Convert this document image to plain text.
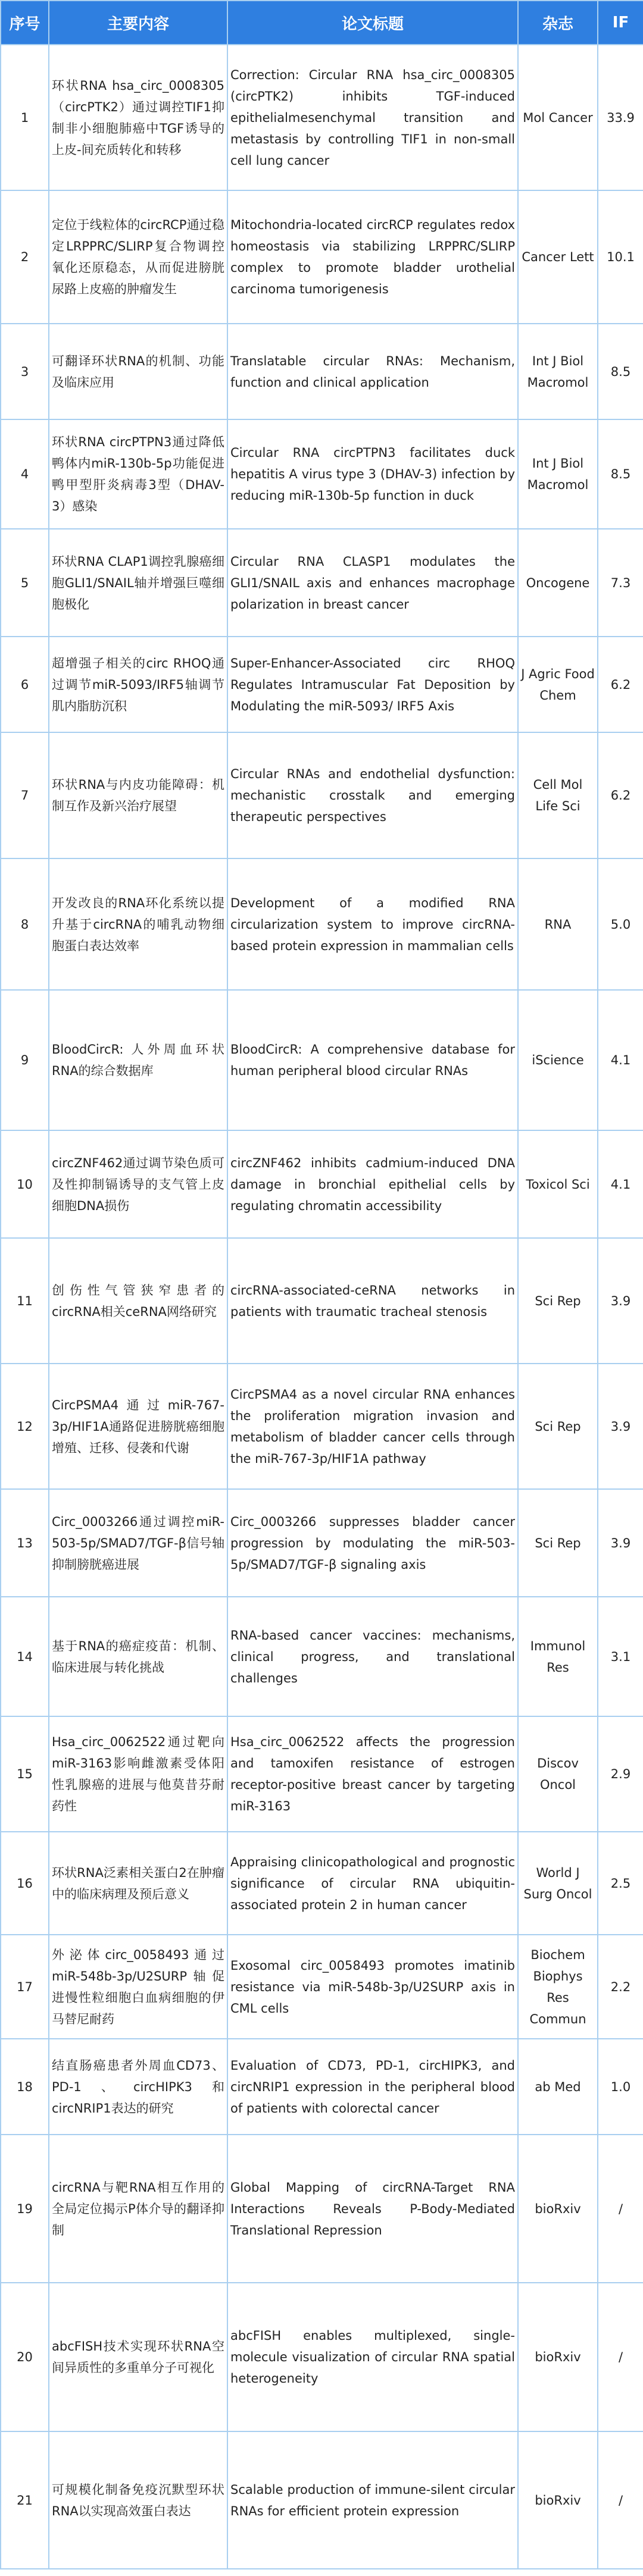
序号	主要内容	论文标题	杂志	IF
1	环状RNA hsa_circ_0008305（circPTK2）通过调控TIF1抑制非小细胞肺癌中TGF诱导的上皮-间充质转化和转移	Correction: Circular RNA hsa_circ_0008305 (circPTK2) inhibits TGF-induced epithelialmesenchymal transition and metastasis by controlling TIF1 in non-small cell lung cancer	Mol Cancer	33.9
2	定位于线粒体的circRCP通过稳定LRPPRC/SLIRP复合物调控氧化还原稳态，从而促进膀胱尿路上皮癌的肿瘤发生	Mitochondria-located circRCP regulates redox homeostasis via stabilizing LRPPRC/SLIRP complex to promote bladder urothelial carcinoma tumorigenesis	Cancer Lett	10.1
3	可翻译环状RNA的机制、功能及临床应用	Translatable circular RNAs: Mechanism, function and clinical application	Int J Biol Macromol	8.5
4	环状RNA circPTPN3通过降低鸭体内miR-130b-5p功能促进鸭甲型肝炎病毒3型（DHAV-3）感染	Circular RNA circPTPN3 facilitates duck hepatitis A virus type 3 (DHAV-3) infection by reducing miR-130b-5p function in duck	Int J Biol Macromol	8.5
5	环状RNA CLAP1调控乳腺癌细胞GLI1/SNAIL轴并增强巨噬细胞极化	Circular RNA CLASP1 modulates the GLI1/SNAIL axis and enhances macrophage polarization in breast cancer	Oncogene	7.3
6	超增强子相关的circ RHOQ通过调节miR-5093/IRF5轴调节肌内脂肪沉积	Super-Enhancer-Associated circ RHOQ Regulates Intramuscular Fat Deposition by Modulating the miR-5093/ IRF5 Axis	J Agric Food Chem	6.2
7	环状RNA与内皮功能障碍：机制互作及新兴治疗展望	Circular RNAs and endothelial dysfunction: mechanistic crosstalk and emerging therapeutic perspectives	Cell Mol Life Sci	6.2
8	开发改良的RNA环化系统以提升基于circRNA的哺乳动物细胞蛋白表达效率	Development of a modified RNA circularization system to improve circRNA-based protein expression in mammalian cells	RNA	5.0
9	BloodCircR: 人外周血环状RNA的综合数据库	BloodCircR: A comprehensive database for human peripheral blood circular RNAs	iScience	4.1
10	circZNF462通过调节染色质可及性抑制镉诱导的支气管上皮细胞DNA损伤	circZNF462 inhibits cadmium-induced DNA damage in bronchial epithelial cells by regulating chromatin accessibility	Toxicol Sci	4.1
11	创伤性气管狭窄患者的circRNA相关ceRNA网络研究	circRNA-associated-ceRNA networks in patients with traumatic tracheal stenosis	Sci Rep	3.9
12	CircPSMA4通过miR-767-3p/HIF1A通路促进膀胱癌细胞增殖、迁移、侵袭和代谢	CircPSMA4 as a novel circular RNA enhances the proliferation migration invasion and metabolism of bladder cancer cells through the miR-767-3p/HIF1A pathway	Sci Rep	3.9
13	Circ_0003266通过调控miR-503-5p/SMAD7/TGF-β信号轴抑制膀胱癌进展	Circ_0003266 suppresses bladder cancer progression by modulating the miR-503-5p/SMAD7/TGF-β signaling axis	Sci Rep	3.9
14	基于RNA的癌症疫苗：机制、临床进展与转化挑战	RNA-based cancer vaccines: mechanisms, clinical progress, and translational challenges	Immunol Res	3.1
15	Hsa_circ_0062522通过靶向miR-3163影响雌激素受体阳性乳腺癌的进展与他莫昔芬耐药性	Hsa_circ_0062522 affects the progression and tamoxifen resistance of estrogen receptor-positive breast cancer by targeting miR-3163	Discov Oncol	2.9
16	环状RNA泛素相关蛋白2在肿瘤中的临床病理及预后意义	Appraising clinicopathological and prognostic significance of circular RNA ubiquitin-associated protein 2 in human cancer	World J Surg Oncol	2.5
17	外泌体circ_0058493通过miR-548b-3p/U2SURP轴促进慢性粒细胞白血病细胞的伊马替尼耐药	Exosomal circ_0058493 promotes imatinib resistance via miR-548b-3p/U2SURP axis in CML cells	Biochem Biophys Res Commun	2.2
18	结直肠癌患者外周血CD73、PD-1、circHIPK3和circNRIP1表达的研究	Evaluation of CD73, PD-1, circHIPK3, and circNRIP1 expression in the peripheral blood of patients with colorectal cancer	ab Med	1.0
19	circRNA与靶RNA相互作用的全局定位揭示P体介导的翻译抑制	Global Mapping of circRNA-Target RNA Interactions Reveals P-Body-Mediated Translational Repression	bioRxiv	/
20	abcFISH技术实现环状RNA空间异质性的多重单分子可视化	abcFISH enables multiplexed, single-molecule visualization of circular RNA spatial heterogeneity	bioRxiv	/
21	可规模化制备免疫沉默型环状RNA以实现高效蛋白表达	Scalable production of immune-silent circular RNAs for efficient protein expression	bioRxiv	/
